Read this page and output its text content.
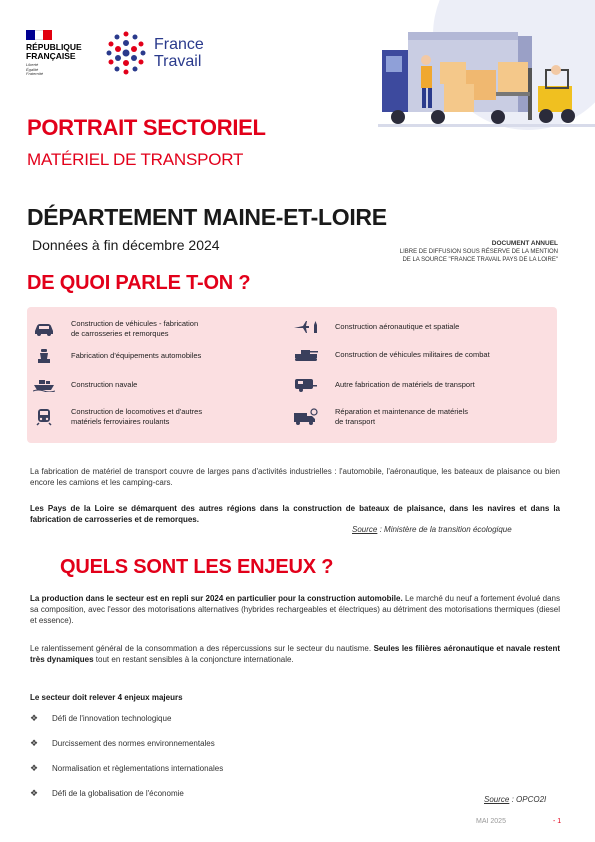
RÉPUBLIQUE
FRANÇAISE
Liberté
Égalité
Fraternité
France
Travail
PORTRAIT SECTORIEL
MATÉRIEL DE TRANSPORT
DÉPARTEMENT MAINE-ET-LOIRE
Données à fin décembre 2024	DOCUMENT ANNUEL
LIBRE DE DIFFUSION SOUS RÉSERVE DE LA MENTION
DE LA SOURCE "FRANCE TRAVAIL PAYS DE LA LOIRE"
DE QUOI PARLE T-ON ?
Construction de véhicules - fabrication
de carrosseries et remorques
Fabrication d'équipements automobiles
Construction navale
Construction de locomotives et d'autres
matériels ferroviaires roulants
Construction aéronautique et spatiale
Construction de véhicules militaires de combat
Autre fabrication de matériels de transport
Réparation et maintenance de matériels
de transport
La fabrication de matériel de transport couvre de larges pans d'activités industrielles : l'automobile, l'aéronautique, les bateaux de plaisance ou bien encore les camions et les camping-cars.
Les Pays de la Loire se démarquent des autres régions dans la construction de bateaux de plaisance, dans les navires et dans la fabrication de carrosseries et de remorques.
Source : Ministère de la transition écologique
QUELS SONT LES ENJEUX ?
La production dans le secteur est en repli sur 2024 en particulier pour la construction automobile. Le marché du neuf a fortement évolué dans sa composition, avec l'essor des motorisations alternatives (hybrides rechargeables et électriques) au détriment des motorisations thermiques (diesel et essence).
Le ralentissement général de la consommation a des répercussions sur le secteur du nautisme. Seules les filières aéronautique et navale restent très dynamiques tout en restant sensibles à la conjoncture internationale.
Le secteur doit relever 4 enjeux majeurs
❖ Défi de l'innovation technologique
❖ Durcissement des normes environnementales
❖ Normalisation et règlementations internationales
❖ Défi de la globalisation de l'économie
Source : OPCO2I
MAI 2025	- 1
